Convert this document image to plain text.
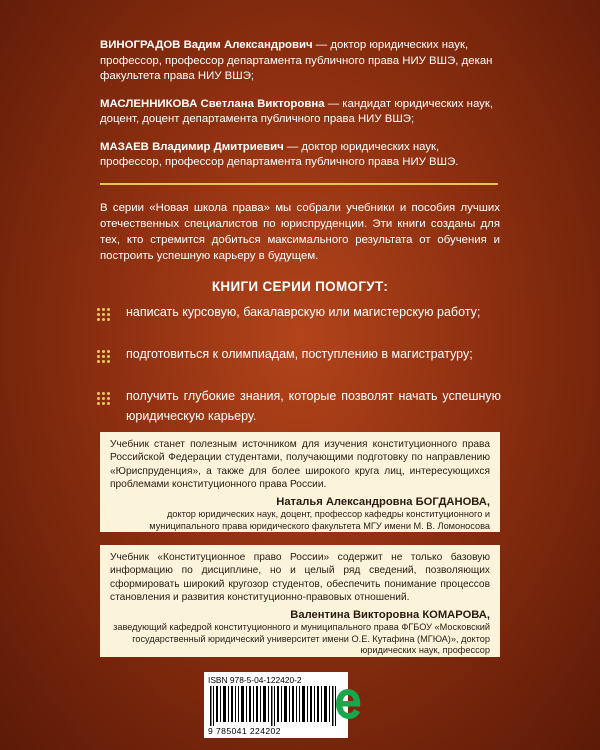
ВИНОГРАДОВ Вадим Александрович — доктор юридических наук, профессор, профессор департамента публичного права НИУ ВШЭ, декан факультета права НИУ ВШЭ;

МАСЛЕННИКОВА Светлана Викторовна — кандидат юридических наук, доцент, доцент департамента публичного права НИУ ВШЭ;

МАЗАЕВ Владимир Дмитриевич — доктор юридических наук, профессор, профессор департамента публичного права НИУ ВШЭ.

В серии «Новая школа права» мы собрали учебники и пособия лучших отечественных специалистов по юриспруденции. Эти книги созданы для тех, кто стремится добиться максимального результата от обучения и построить успешную карьеру в будущем.
КНИГИ СЕРИИ ПОМОГУТ:
написать курсовую, бакалаврскую или магистерскую работу;
подготовиться к олимпиадам, поступлению в магистратуру;
получить глубокие знания, которые позволят начать успешную юридическую карьеру.
Учебник станет полезным источником для изучения конституционного права Российской Федерации студентами, получающими подготовку по направлению «Юриспруденция», а также для более широкого круга лиц, интересующихся проблемами конституционного права России.
Наталья Александровна БОГДАНОВА,
доктор юридических наук, доцент, профессор кафедры конституционного и муниципального права юридического факультета МГУ имени М. В. Ломоносова
Учебник «Конституционное право России» содержит не только базовую информацию по дисциплине, но и целый ряд сведений, позволяющих сформировать широкий кругозор студентов, обеспечить понимание процессов становления и развития конституционно-правовых отношений.
Валентина Викторовна КОМАРОВА,
заведующий кафедрой конституционного и муниципального права ФГБОУ «Московский государственный юридический университет имени О.Е. Кутафина (МГЮА)», доктор юридических наук, профессор
ISBN 978-5-04-122420-2
9 785041 224202
